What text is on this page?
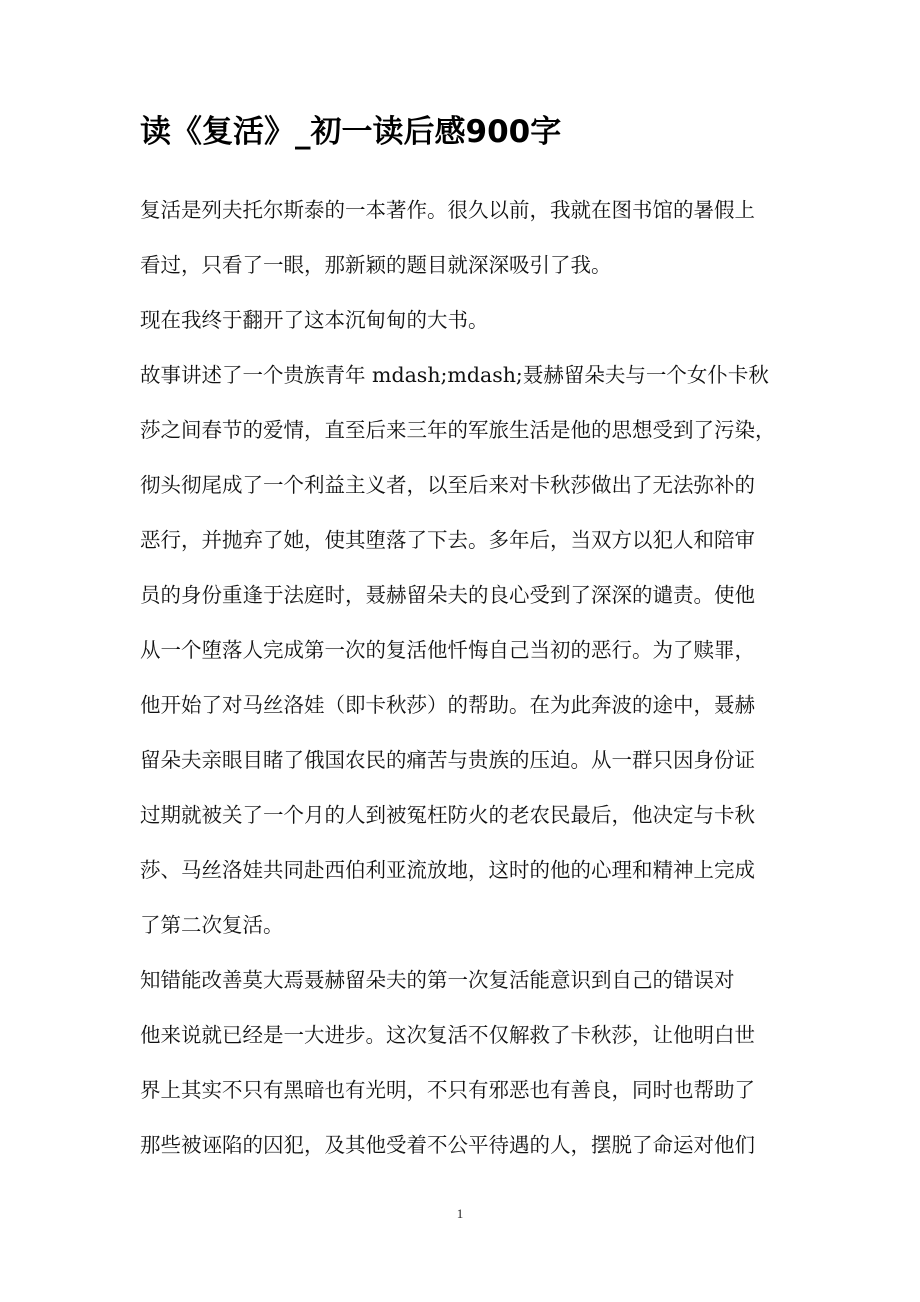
读《复活》_初一读后感900字
复活是列夫托尔斯泰的一本著作。很久以前，我就在图书馆的暑假上
看过，只看了一眼，那新颖的题目就深深吸引了我。
现在我终于翻开了这本沉甸甸的大书。
故事讲述了一个贵族青年 mdash;mdash;聂赫留朵夫与一个女仆卡秋
莎之间春节的爱情，直至后来三年的军旅生活是他的思想受到了污染，
彻头彻尾成了一个利益主义者，以至后来对卡秋莎做出了无法弥补的
恶行，并抛弃了她，使其堕落了下去。多年后，当双方以犯人和陪审
员的身份重逢于法庭时，聂赫留朵夫的良心受到了深深的谴责。使他
从一个堕落人完成第一次的复活他忏悔自己当初的恶行。为了赎罪，
他开始了对马丝洛娃（即卡秋莎）的帮助。在为此奔波的途中，聂赫
留朵夫亲眼目睹了俄国农民的痛苦与贵族的压迫。从一群只因身份证
过期就被关了一个月的人到被冤枉防火的老农民最后，他决定与卡秋
莎、马丝洛娃共同赴西伯利亚流放地，这时的他的心理和精神上完成
了第二次复活。
知错能改善莫大焉聂赫留朵夫的第一次复活能意识到自己的错误对
他来说就已经是一大进步。这次复活不仅解救了卡秋莎，让他明白世
界上其实不只有黑暗也有光明，不只有邪恶也有善良，同时也帮助了
那些被诬陷的囚犯，及其他受着不公平待遇的人，摆脱了命运对他们
1
